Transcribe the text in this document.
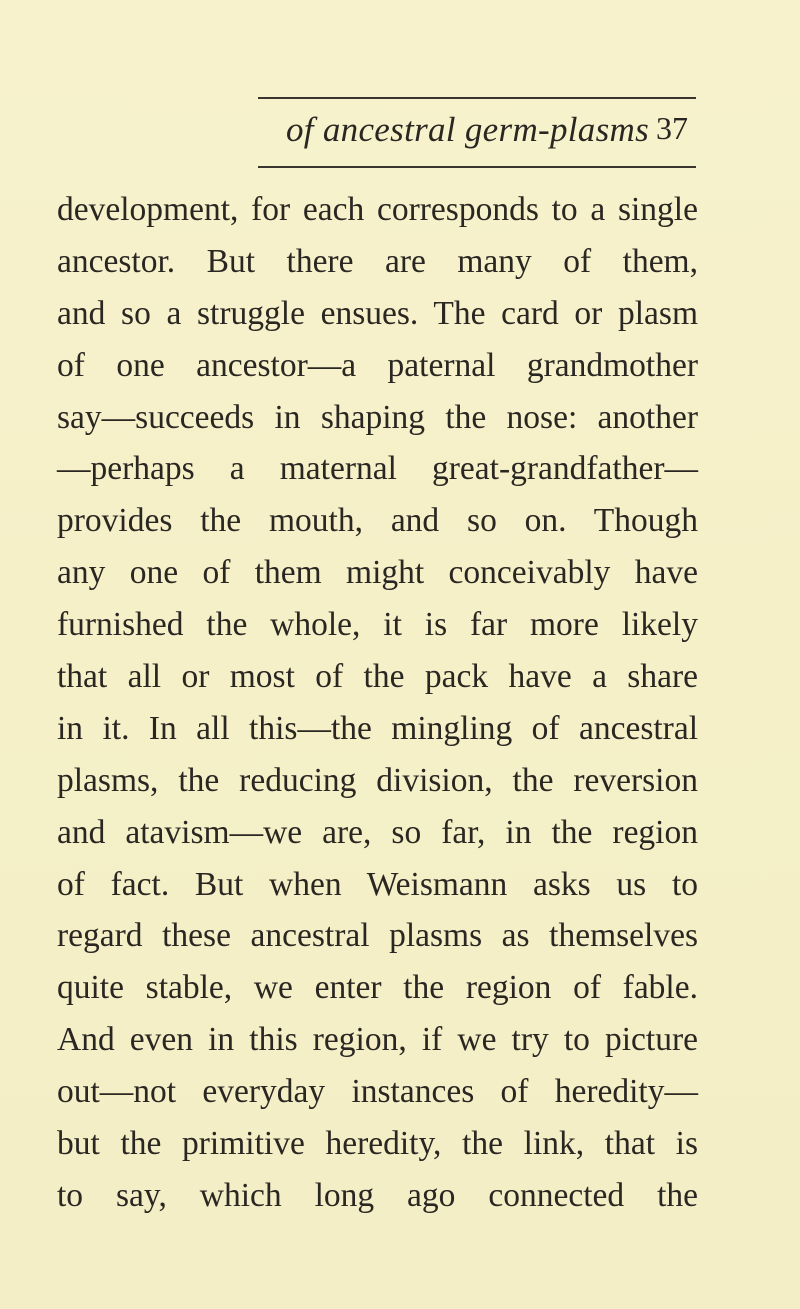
of ancestral germ-plasms 37
development, for each corresponds to a single
ancestor. But there are many of them,
and so a struggle ensues. The card or plasm
of one ancestor—a paternal grandmother
say—succeeds in shaping the nose: another
—perhaps a maternal great-grandfather—
provides the mouth, and so on. Though
any one of them might conceivably have
furnished the whole, it is far more likely
that all or most of the pack have a share
in it. In all this—the mingling of ancestral
plasms, the reducing division, the reversion
and atavism—we are, so far, in the region
of fact. But when Weismann asks us to
regard these ancestral plasms as themselves
quite stable, we enter the region of fable.
And even in this region, if we try to picture
out—not everyday instances of heredity—
but the primitive heredity, the link, that is
to say, which long ago connected the
